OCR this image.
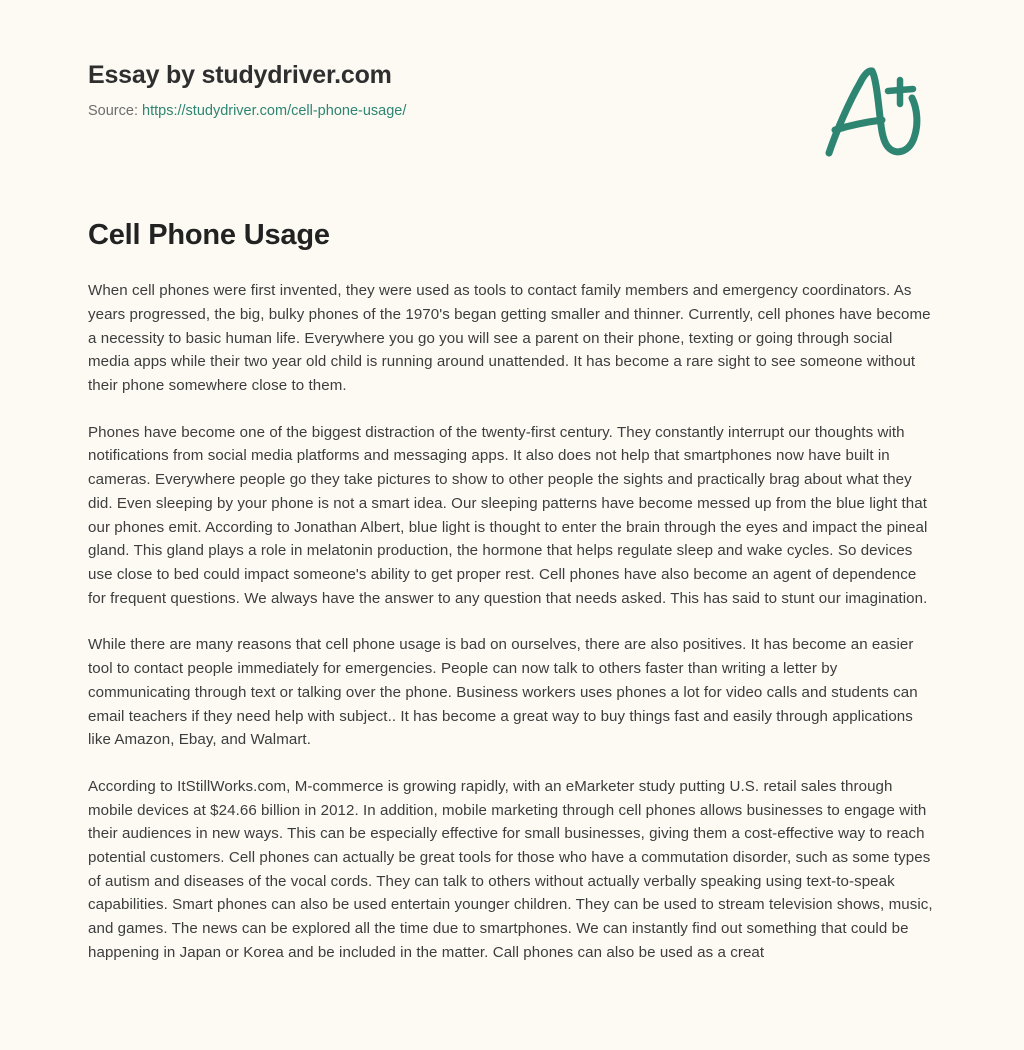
Essay by studydriver.com
Source: https://studydriver.com/cell-phone-usage/
Cell Phone Usage

When cell phones were first invented, they were used as tools to contact family members and emergency coordinators. As years progressed, the big, bulky phones of the 1970's began getting smaller and thinner. Currently, cell phones have become a necessity to basic human life. Everywhere you go you will see a parent on their phone, texting or going through social media apps while their two year old child is running around unattended. It has become a rare sight to see someone without their phone somewhere close to them.

Phones have become one of the biggest distraction of the twenty-first century. They constantly interrupt our thoughts with notifications from social media platforms and messaging apps. It also does not help that smartphones now have built in cameras. Everywhere people go they take pictures to show to other people the sights and practically brag about what they did. Even sleeping by your phone is not a smart idea. Our sleeping patterns have become messed up from the blue light that our phones emit. According to Jonathan Albert, blue light is thought to enter the brain through the eyes and impact the pineal gland. This gland plays a role in melatonin production, the hormone that helps regulate sleep and wake cycles. So devices use close to bed could impact someone's ability to get proper rest. Cell phones have also become an agent of dependence for frequent questions. We always have the answer to any question that needs asked. This has said to stunt our imagination.

While there are many reasons that cell phone usage is bad on ourselves, there are also positives. It has become an easier tool to contact people immediately for emergencies. People can now talk to others faster than writing a letter by communicating through text or talking over the phone. Business workers uses phones a lot for video calls and students can email teachers if they need help with subject.. It has become a great way to buy things fast and easily through applications like Amazon, Ebay, and Walmart.

According to ItStillWorks.com, M-commerce is growing rapidly, with an eMarketer study putting U.S. retail sales through mobile devices at $24.66 billion in 2012. In addition, mobile marketing through cell phones allows businesses to engage with their audiences in new ways. This can be especially effective for small businesses, giving them a cost-effective way to reach potential customers. Cell phones can actually be great tools for those who have a commutation disorder, such as some types of autism and diseases of the vocal cords. They can talk to others without actually verbally speaking using text-to-speak capabilities. Smart phones can also be used entertain younger children. They can be used to stream television shows, music, and games. The news can be explored all the time due to smartphones. We can instantly find out something that could be happening in Japan or Korea and be included in the matter. Call phones can also be used as a creat
